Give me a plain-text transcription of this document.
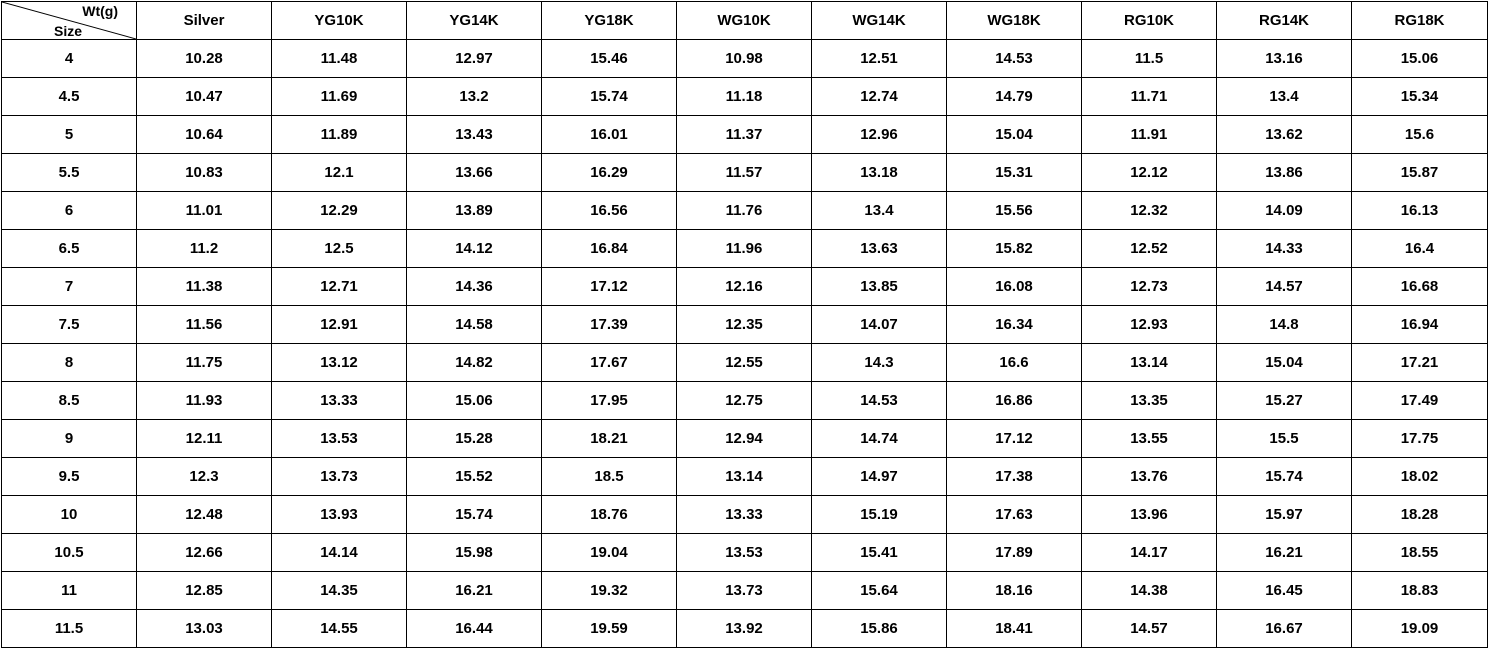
Wt(g)
Size	Silver	YG10K	YG14K	YG18K	WG10K	WG14K	WG18K	RG10K	RG14K	RG18K
4	10.28	11.48	12.97	15.46	10.98	12.51	14.53	11.5	13.16	15.06
4.5	10.47	11.69	13.2	15.74	11.18	12.74	14.79	11.71	13.4	15.34
5	10.64	11.89	13.43	16.01	11.37	12.96	15.04	11.91	13.62	15.6
5.5	10.83	12.1	13.66	16.29	11.57	13.18	15.31	12.12	13.86	15.87
6	11.01	12.29	13.89	16.56	11.76	13.4	15.56	12.32	14.09	16.13
6.5	11.2	12.5	14.12	16.84	11.96	13.63	15.82	12.52	14.33	16.4
7	11.38	12.71	14.36	17.12	12.16	13.85	16.08	12.73	14.57	16.68
7.5	11.56	12.91	14.58	17.39	12.35	14.07	16.34	12.93	14.8	16.94
8	11.75	13.12	14.82	17.67	12.55	14.3	16.6	13.14	15.04	17.21
8.5	11.93	13.33	15.06	17.95	12.75	14.53	16.86	13.35	15.27	17.49
9	12.11	13.53	15.28	18.21	12.94	14.74	17.12	13.55	15.5	17.75
9.5	12.3	13.73	15.52	18.5	13.14	14.97	17.38	13.76	15.74	18.02
10	12.48	13.93	15.74	18.76	13.33	15.19	17.63	13.96	15.97	18.28
10.5	12.66	14.14	15.98	19.04	13.53	15.41	17.89	14.17	16.21	18.55
11	12.85	14.35	16.21	19.32	13.73	15.64	18.16	14.38	16.45	18.83
11.5	13.03	14.55	16.44	19.59	13.92	15.86	18.41	14.57	16.67	19.09
